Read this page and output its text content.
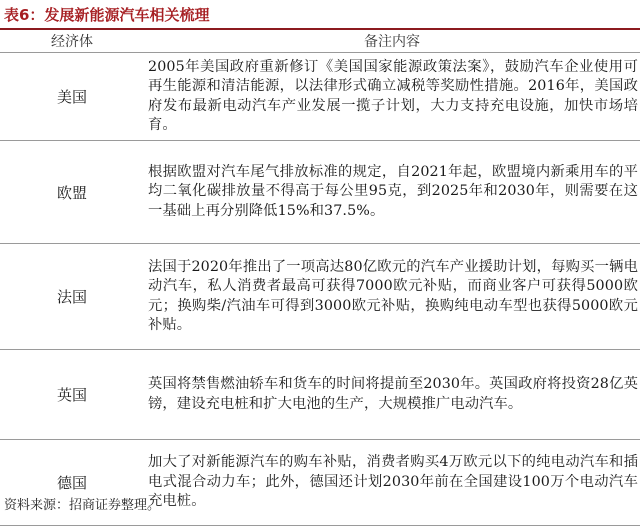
表6：发展新能源汽车相关梳理
经济体	备注内容
美国	2005年美国政府重新修订《美国国家能源政策法案》，鼓励汽车企业使用可再生能源和清洁能源，以法律形式确立减税等奖励性措施。2016年，美国政府发布最新电动汽车产业发展一揽子计划，大力支持充电设施，加快市场培育。
欧盟	根据欧盟对汽车尾气排放标准的规定，自2021年起，欧盟境内新乘用车的平均二氧化碳排放量不得高于每公里95克，到2025年和2030年，则需要在这一基础上再分别降低15%和37.5%。
法国	法国于2020年推出了一项高达80亿欧元的汽车产业援助计划，每购买一辆电动汽车，私人消费者最高可获得7000欧元补贴，而商业客户可获得5000欧元；换购柴/汽油车可得到3000欧元补贴，换购纯电动车型也获得5000欧元补贴。
英国	英国将禁售燃油轿车和货车的时间将提前至2030年。英国政府将投资28亿英镑，建设充电桩和扩大电池的生产，大规模推广电动汽车。
德国	加大了对新能源汽车的购车补贴，消费者购买4万欧元以下的纯电动汽车和插电式混合动力车；此外，德国还计划2030年前在全国建设100万个电动汽车充电桩。
资料来源：招商证券整理。
